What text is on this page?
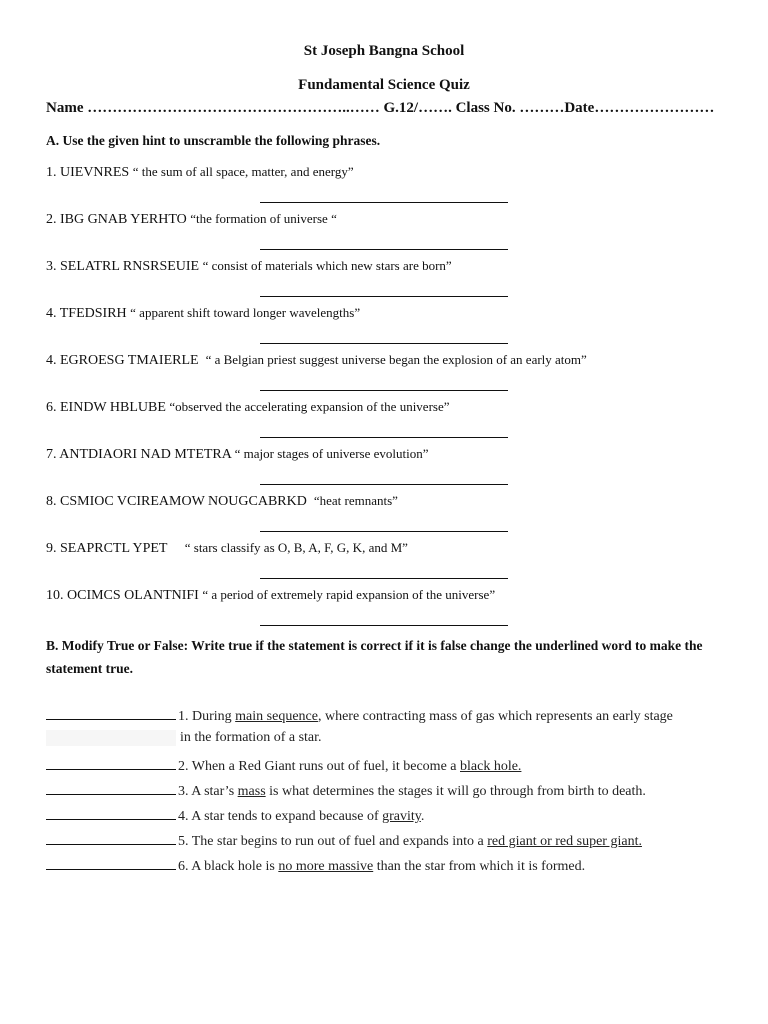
St Joseph Bangna School
Fundamental Science Quiz
Name ……………………………………………..…… G.12/……. Class No. ………Date……………………
A. Use the given hint to unscramble the following phrases.
1. UIEVNRES “ the sum of all space, matter, and energy”
2. IBG GNAB YERHTO “the formation of universe “
3. SELATRL RNSRSEUIE “ consist of materials which new stars are born”
4. TFEDSIRH “ apparent shift toward longer wavelengths”
4. EGROESG TMAIERLE  “ a Belgian priest suggest universe began the explosion of an early atom”
6. EINDW HBLUBE “observed the accelerating expansion of the universe”
7. ANTDIAORI NAD MTETRA “ major stages of universe evolution”
8. CSMIOC VCIREAMOW NOUGCABRKD  “heat remnants”
9. SEAPRCTL YPET     “ stars classify as O, B, A, F, G, K, and M”
10. OCIMCS OLANTNIFI “ a period of extremely rapid expansion of the universe”
B. Modify True or False: Write true if the statement is correct if it is false change the underlined word to make the statement true.
1. During main sequence, where contracting mass of gas which represents an early stage
2. When a Red Giant runs out of fuel, it become a black hole.
3. A star’s mass is what determines the stages it will go through from birth to death.
4. A star tends to expand because of gravity.
5. The star begins to run out of fuel and expands into a red giant or red super giant.
6. A black hole is no more massive than the star from which it is formed.
in the formation of a star.
